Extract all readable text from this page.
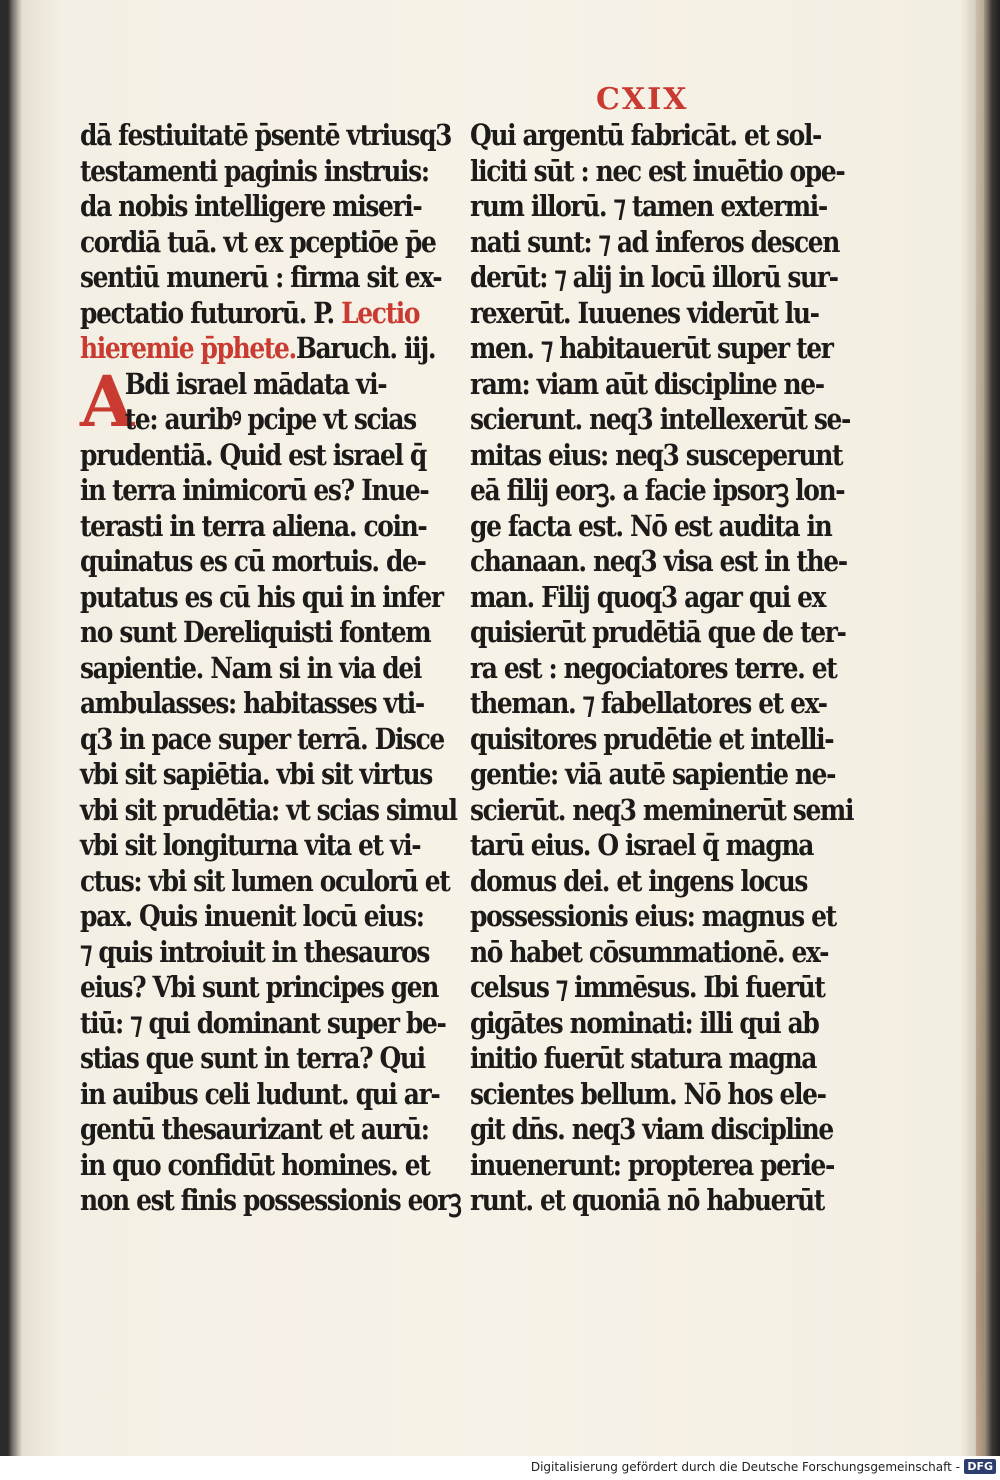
CXIX
dā festiuitatē p̄sentē vtriusq3
testamenti paginis instruis:
da nobis intelligere miseri-
cordiā tuā. vt ex pceptiōe p̄e
sentiū munerū : firma sit ex-
pectatio futurorū. P. Lectio
hieremie p̄phete.Baruch. iij.
A
Bdi israel mādata vi-
te: auribꝰ pcipe vt scias
prudentiā. Quid est israel q̄
in terra inimicorū es? Inue-
terasti in terra aliena. coin-
quinatus es cū mortuis. de-
putatus es cū his qui in infer
no sunt Dereliquisti fontem
sapientie. Nam si in via dei
ambulasses: habitasses vti-
q3 in pace super terrā. Disce
vbi sit sapiētia. vbi sit virtus
vbi sit prudētia: vt scias simul
vbi sit longiturna vita et vi-
ctus: vbi sit lumen oculorū et
pax. Quis inuenit locū eius:
⁊ quis introiuit in thesauros
eius? Vbi sunt principes gen
tiū: ⁊ qui dominant super be-
stias que sunt in terra? Qui
in auibus celi ludunt. qui ar-
gentū thesaurizant et aurū:
in quo confidūt homines. et
non est finis possessionis eorꝫ
Qui argentū fabricāt. et sol-
liciti sūt : nec est inuētio ope-
rum illorū. ⁊ tamen extermi-
nati sunt: ⁊ ad inferos descen
derūt: ⁊ alij in locū illorū sur-
rexerūt. Iuuenes viderūt lu-
men. ⁊ habitauerūt super ter
ram: viam aūt discipline ne-
scierunt. neq3 intellexerūt se-
mitas eius: neq3 susceperunt
eā filij eorꝫ. a facie ipsorꝫ lon-
ge facta est. Nō est audita in
chanaan. neq3 visa est in the-
man. Filij quoq3 agar qui ex
quisierūt prudētiā que de ter-
ra est : negociatores terre. et
theman. ⁊ fabellatores et ex-
quisitores prudētie et intelli-
gentie: viā autē sapientie ne-
scierūt. neq3 meminerūt semi
tarū eius. O israel q̄ magna
domus dei. et ingens locus
possessionis eius: magnus et
nō habet cōsummationē. ex-
celsus ⁊ immēsus. Ibi fuerūt
gigātes nominati: illi qui ab
initio fuerūt statura magna
scientes bellum. Nō hos ele-
git dn̄s. neq3 viam discipline
inuenerunt: propterea perie-
runt. et quoniā nō habuerūt
Digitalisierung gefördert durch die Deutsche Forschungsgemeinschaft - DFG
